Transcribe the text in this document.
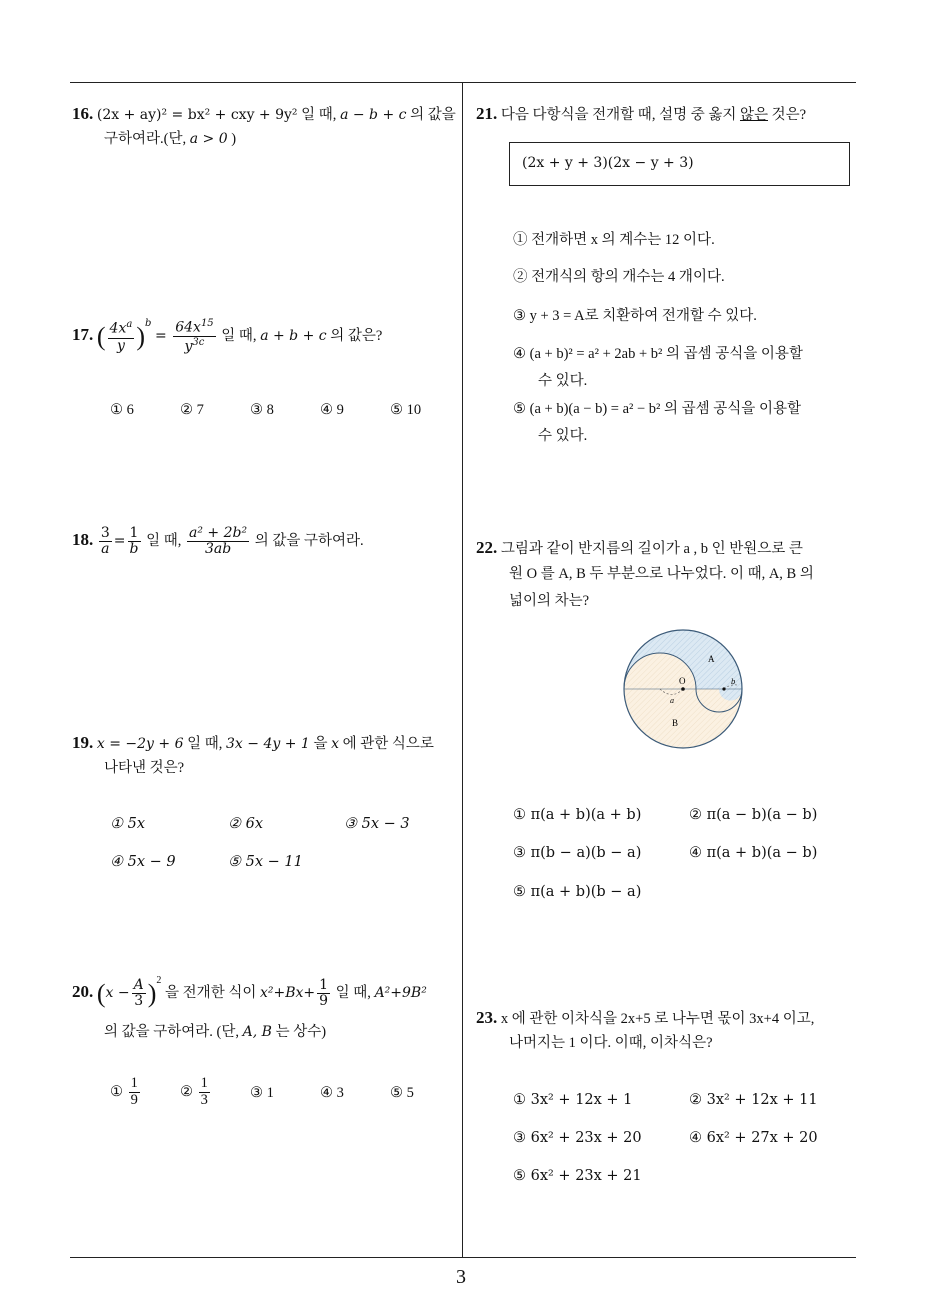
3
16. (2x + ay)² = bx² + cxy + 9y² 일 때, a − b + c 의 값을
구하여라.(단, a > 0 )
17. ( $\frac{4x^a}{y} )^b = \frac{64x^{15}}{y^{3c}}$ 일 때, a + b + c 의 값은?
① 6	② 7	③ 8	④ 9	⑤ 10
18. $\frac{3}{a} = \frac{1}{b}$ 일 때, $\frac{\text{a² + 2b²}}{3ab}$ 의 값을 구하여라.
19. x = −2y + 6 일 때, 3x − 4y + 1 을 x 에 관한 식으로
나타낸 것은?
① 5x	② 6x	③ 5x − 3
④ 5x − 9	⑤ 5x − 11
20. $(x - \frac{A}{3} )^2$ 을 전개한 식이 $x^2+Bx+ \frac{1}{9}$ 일 때, A²+9B²
의 값을 구하여라. (단, A, B 는 상수)
① $\frac{1}{9}$	② $\frac{1}{3}$	③ 1	④ 3	⑤ 5
21. 다음 다항식을 전개할 때, 설명 중 옳지 않은 것은?
(2x + y + 3)(2x − y + 3)
① 전개하면 x 의 계수는 12 이다.
② 전개식의 항의 개수는 4 개이다.
③ y + 3 = A로 치환하여 전개할 수 있다.
④ (a + b)² = a² + 2ab + b² 의 곱셈 공식을 이용할
수 있다.
⑤ (a + b)(a − b) = a² − b² 의 곱셈 공식을 이용할
수 있다.
22. 그림과 같이 반지름의 길이가 a , b 인 반원으로 큰
원 O 를 A, B 두 부분으로 나누었다. 이 때, A, B 의
넓이의 차는?
O
A
B
a
b
① π(a + b)(a + b)	② π(a − b)(a − b)
③ π(b − a)(b − a)	④ π(a + b)(a − b)
⑤ π(a + b)(b − a)
23. x 에 관한 이차식을 2x+5 로 나누면 몫이 3x+4 이고,
나머지는 1 이다. 이때, 이차식은?
① 3x² + 12x + 1	② 3x² + 12x + 11
③ 6x² + 23x + 20	④ 6x² + 27x + 20
⑤ 6x² + 23x + 21
